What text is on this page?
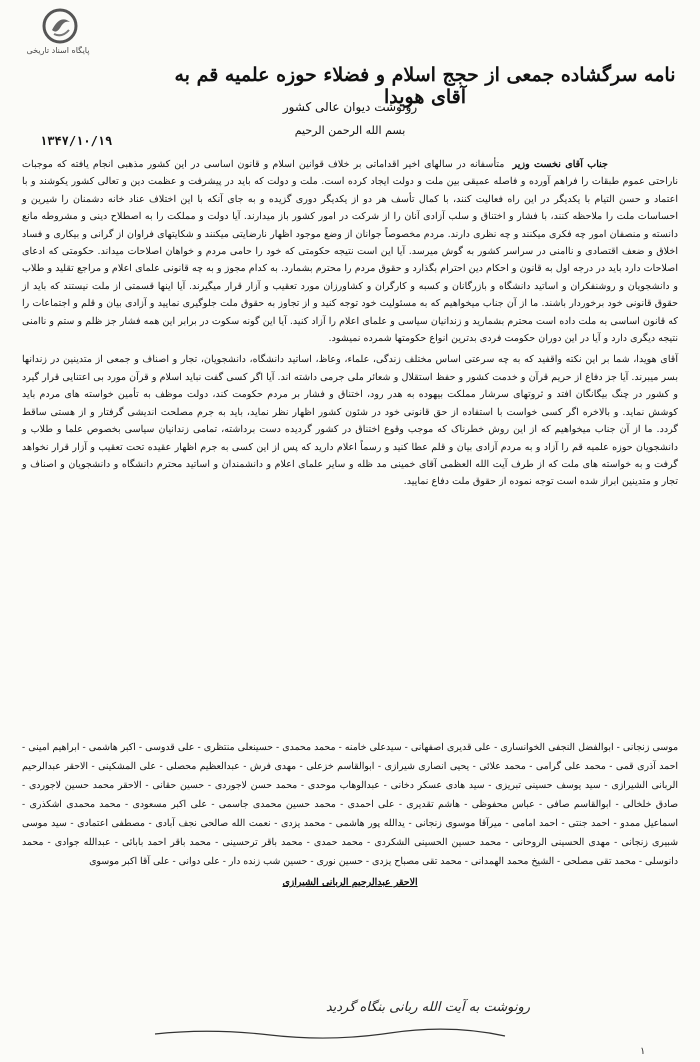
پایگاه اسناد تاریخی
نامه سرگشاده جمعی از حجج اسلام و فضلاء حوزه علمیه قم به آقای هویدا
رونوشت دیوان عالی کشور
بسم الله الرحمن الرحیم
۱۳۴۷/۱۰/۱۹

جناب آقای نخست وزیر  متأسفانه در سالهای اخیر اقداماتی بر خلاف قوانین اسلام و قانون اساسی در این کشور مذهبی انجام یافته که موجبات ناراحتی عموم طبقات را فراهم آورده و فاصله عمیقی بین ملت و دولت ایجاد کرده است. ملت و دولت که باید در پیشرفت و عظمت دین و تعالی کشور یکوشند و با اعتماد و حسن التیام با یکدیگر در این راه فعالیت کنند، با کمال تأسف هر دو از یکدیگر دوری گزیده و به جای آنکه با این اختلاف عناد خانه دشمنان را شیرین و احساسات ملت را ملاحظه کنند، با فشار و اختناق و سلب آزادی آنان را از شرکت در امور کشور باز میدارند. آیا دولت و مملکت را به اصطلاح دینی و مشروطه مانع دانسته و منصفان امور چه فکری میکنند و چه نظری دارند. مردم مخصوصاً جوانان از وضع موجود اظهار نارضایتی میکنند و شکایتهای فراوان از گرانی و بیکاری و فساد اخلاق و ضعف اقتصادی و ناامنی در سراسر کشور به گوش میرسد. آیا این است نتیجه حکومتی که خود را حامی مردم و خواهان اصلاحات میداند. حکومتی که ادعای اصلاحات دارد باید در درجه اول به قانون و احکام دین احترام بگذارد و حقوق مردم را محترم بشمارد. به کدام مجوز و به چه قانونی علمای اعلام و مراجع تقلید و طلاب و دانشجویان و روشنفکران و اساتید دانشگاه و بازرگانان و کسبه و کارگران و کشاورزان مورد تعقیب و آزار قرار میگیرند. آیا اینها قسمتی از ملت نیستند که باید از حقوق قانونی خود برخوردار باشند. ما از آن جناب میخواهیم که به مسئولیت خود توجه کنید و از تجاوز به حقوق ملت جلوگیری نمایید و آزادی بیان و قلم و اجتماعات را که قانون اساسی به ملت داده است محترم بشمارید و زندانیان سیاسی و علمای اعلام را آزاد کنید. آیا این گونه سکوت در برابر این همه فشار جز ظلم و ستم و ناامنی نتیجه دیگری دارد و آیا در این دوران حکومت فردی بدترین انواع حکومتها شمرده نمیشود.

آقای هویدا، شما بر این نکته واقفید که به چه سرعتی اساس مختلف زندگی، علماء، وعاظ، اساتید دانشگاه، دانشجویان، تجار و اصناف و جمعی از متدینین در زندانها بسر میبرند. آیا جز دفاع از حریم قرآن و خدمت کشور و حفظ استقلال و شعائر ملی جرمی داشته اند. آیا اگر کسی گفت نباید اسلام و قرآن مورد بی اعتنایی قرار گیرد و کشور در چنگ بیگانگان افتد و ثروتهای سرشار مملکت بیهوده به هدر رود، اختناق و فشار بر مردم حکومت کند، دولت موظف به تأمین خواسته های مردم باید کوشش نماید. و بالاخره اگر کسی خواست با استفاده از حق قانونی خود در شئون کشور اظهار نظر نماید، باید به جرم مصلحت اندیشی گرفتار و از هستی ساقط گردد. ما از آن جناب میخواهیم که از این روش خطرناک که موجب وقوع اختناق در کشور گردیده دست برداشته، تمامی زندانیان سیاسی بخصوص علما و طلاب و دانشجویان حوزه علمیه قم را آزاد و به مردم آزادی بیان و قلم عطا کنید و رسماً اعلام دارید که پس از این کسی به جرم اظهار عقیده تحت تعقیب و آزار قرار نخواهد گرفت و به خواسته های ملت که از طرف آیت الله العظمی آقای خمینی مد ظله و سایر علمای اعلام و دانشمندان و اساتید محترم دانشگاه و دانشجویان و اصناف و تجار و متدینین ابراز شده است توجه نموده از حقوق ملت دفاع نمایید.

موسی زنجانی - ابوالفضل النجفی الخوانساری - علی قدیری اصفهانی - سیدعلی خامنه - محمد محمدی - حسینعلی منتظری - علی قدوسی - اکبر هاشمی - ابراهیم امینی - احمد آذری قمی - محمد علی گرامی - محمد علائی - یحیی انصاری شیرازی - ابوالقاسم خزعلی - مهدی فرش - عبدالعظیم محصلی - علی المشکینی - الاحقر عبدالرحیم الربانی الشیرازی - سید یوسف حسینی تبریزی - سید هادی عسکر دخانی - عبدالوهاب موحدی - محمد حسن لاجوردی - حسین حقانی - الاحقر محمد حسین لاجوردی - صادق خلخالی - ابوالقاسم صافی - عباس محفوظی - هاشم تقدیری - علی احمدی - محمد حسین محمدی جاسمی - علی اکبر مسعودی - محمد محمدی اشکذری - اسماعیل ممدو - احمد جنتی - احمد امامی - میرآقا موسوی زنجانی - یدالله پور هاشمی - محمد یزدی - نعمت الله صالحی نجف آبادی - مصطفی اعتمادی - سید موسی شبیری زنجانی - مهدی الحسینی الروحانی - محمد حسین الحسینی الشکردی - محمد حمدی - محمد باقر ترحسینی - محمد باقر احمد بابائی - عبدالله جوادی - محمد دانوسلی - محمد تقی مصلحی - الشیخ محمد الهمدانی - محمد تقی مصباح یزدی - حسین نوری - حسین شب زنده دار - علی دوانی - علی آقا اکبر موسوی
الاحقر عبدالرحیم الربانی الشیرازی
رونوشت به آیت الله ربانی بنگاه گردید
۱
